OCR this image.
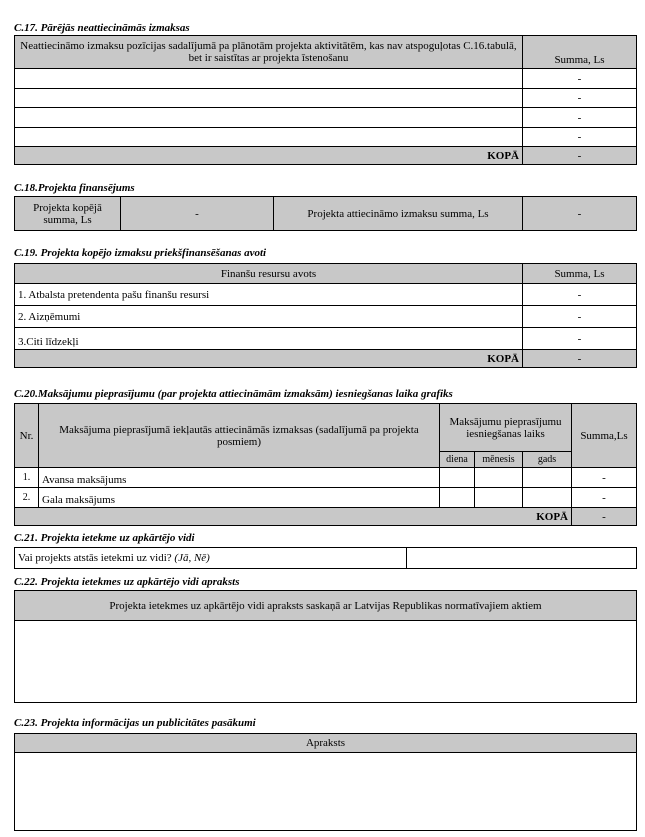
C.17. Pārējās neattiecināmās izmaksas
Neattiecināmo izmaksu pozīcijas sadalījumā pa plānotām projekta aktivitātēm, kas nav atspoguļotas C.16.tabulā, bet ir saistītas ar projekta īstenošanu	Summa, Ls
	-
	-
	-
	-
KOPĀ	-
C.18.Projekta finansējums
Projekta kopējā summa, Ls	-	Projekta attiecināmo izmaksu summa, Ls	-
C.19. Projekta kopējo izmaksu priekšfinansēšanas avoti
Finanšu resursu avots	Summa, Ls
1. Atbalsta pretendenta pašu finanšu resursi	-
2. Aizņēmumi	-
3.Citi līdzekļi	-
KOPĀ	-
C.20.Maksājumu pieprasījumu (par projekta attiecināmām izmaksām) iesniegšanas laika grafiks
Nr.	Maksājuma pieprasījumā iekļautās attiecināmās izmaksas (sadalījumā pa projekta posmiem)	Maksājumu pieprasījumu iesniegšanas laiks			Summa,Ls
		diena	mēnesis	gads	
1.	Avansa maksājums				-
2.	Gala maksājums				-
KOPĀ					-
C.21. Projekta ietekme uz apkārtējo vidi
Vai projekts atstās ietekmi uz vidi? (Jā, Nē)	
C.22. Projekta ietekmes uz apkārtējo vidi apraksts
Projekta ietekmes uz apkārtējo vidi apraksts saskaņā ar Latvijas Republikas normatīvajiem aktiem

C.23. Projekta informācijas un publicitātes pasākumi
Apraksts
